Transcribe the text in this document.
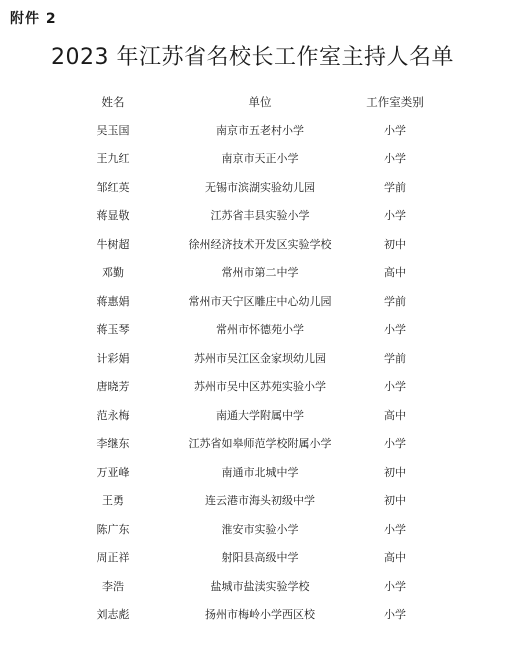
附件 2
2023 年江苏省名校长工作室主持人名单
姓名	单位	工作室类别
吴玉国	南京市五老村小学	小学
王九红	南京市天正小学	小学
邹红英	无锡市滨湖实验幼儿园	学前
蒋显敬	江苏省丰县实验小学	小学
牛树超	徐州经济技术开发区实验学校	初中
邓勤	常州市第二中学	高中
蒋惠娟	常州市天宁区雕庄中心幼儿园	学前
蒋玉琴	常州市怀德苑小学	小学
计彩娟	苏州市吴江区金家坝幼儿园	学前
唐晓芳	苏州市吴中区苏苑实验小学	小学
范永梅	南通大学附属中学	高中
李继东	江苏省如皋师范学校附属小学	小学
万亚峰	南通市北城中学	初中
王勇	连云港市海头初级中学	初中
陈广东	淮安市实验小学	小学
周正祥	射阳县高级中学	高中
李浩	盐城市盐渎实验学校	小学
刘志彪	扬州市梅岭小学西区校	小学
